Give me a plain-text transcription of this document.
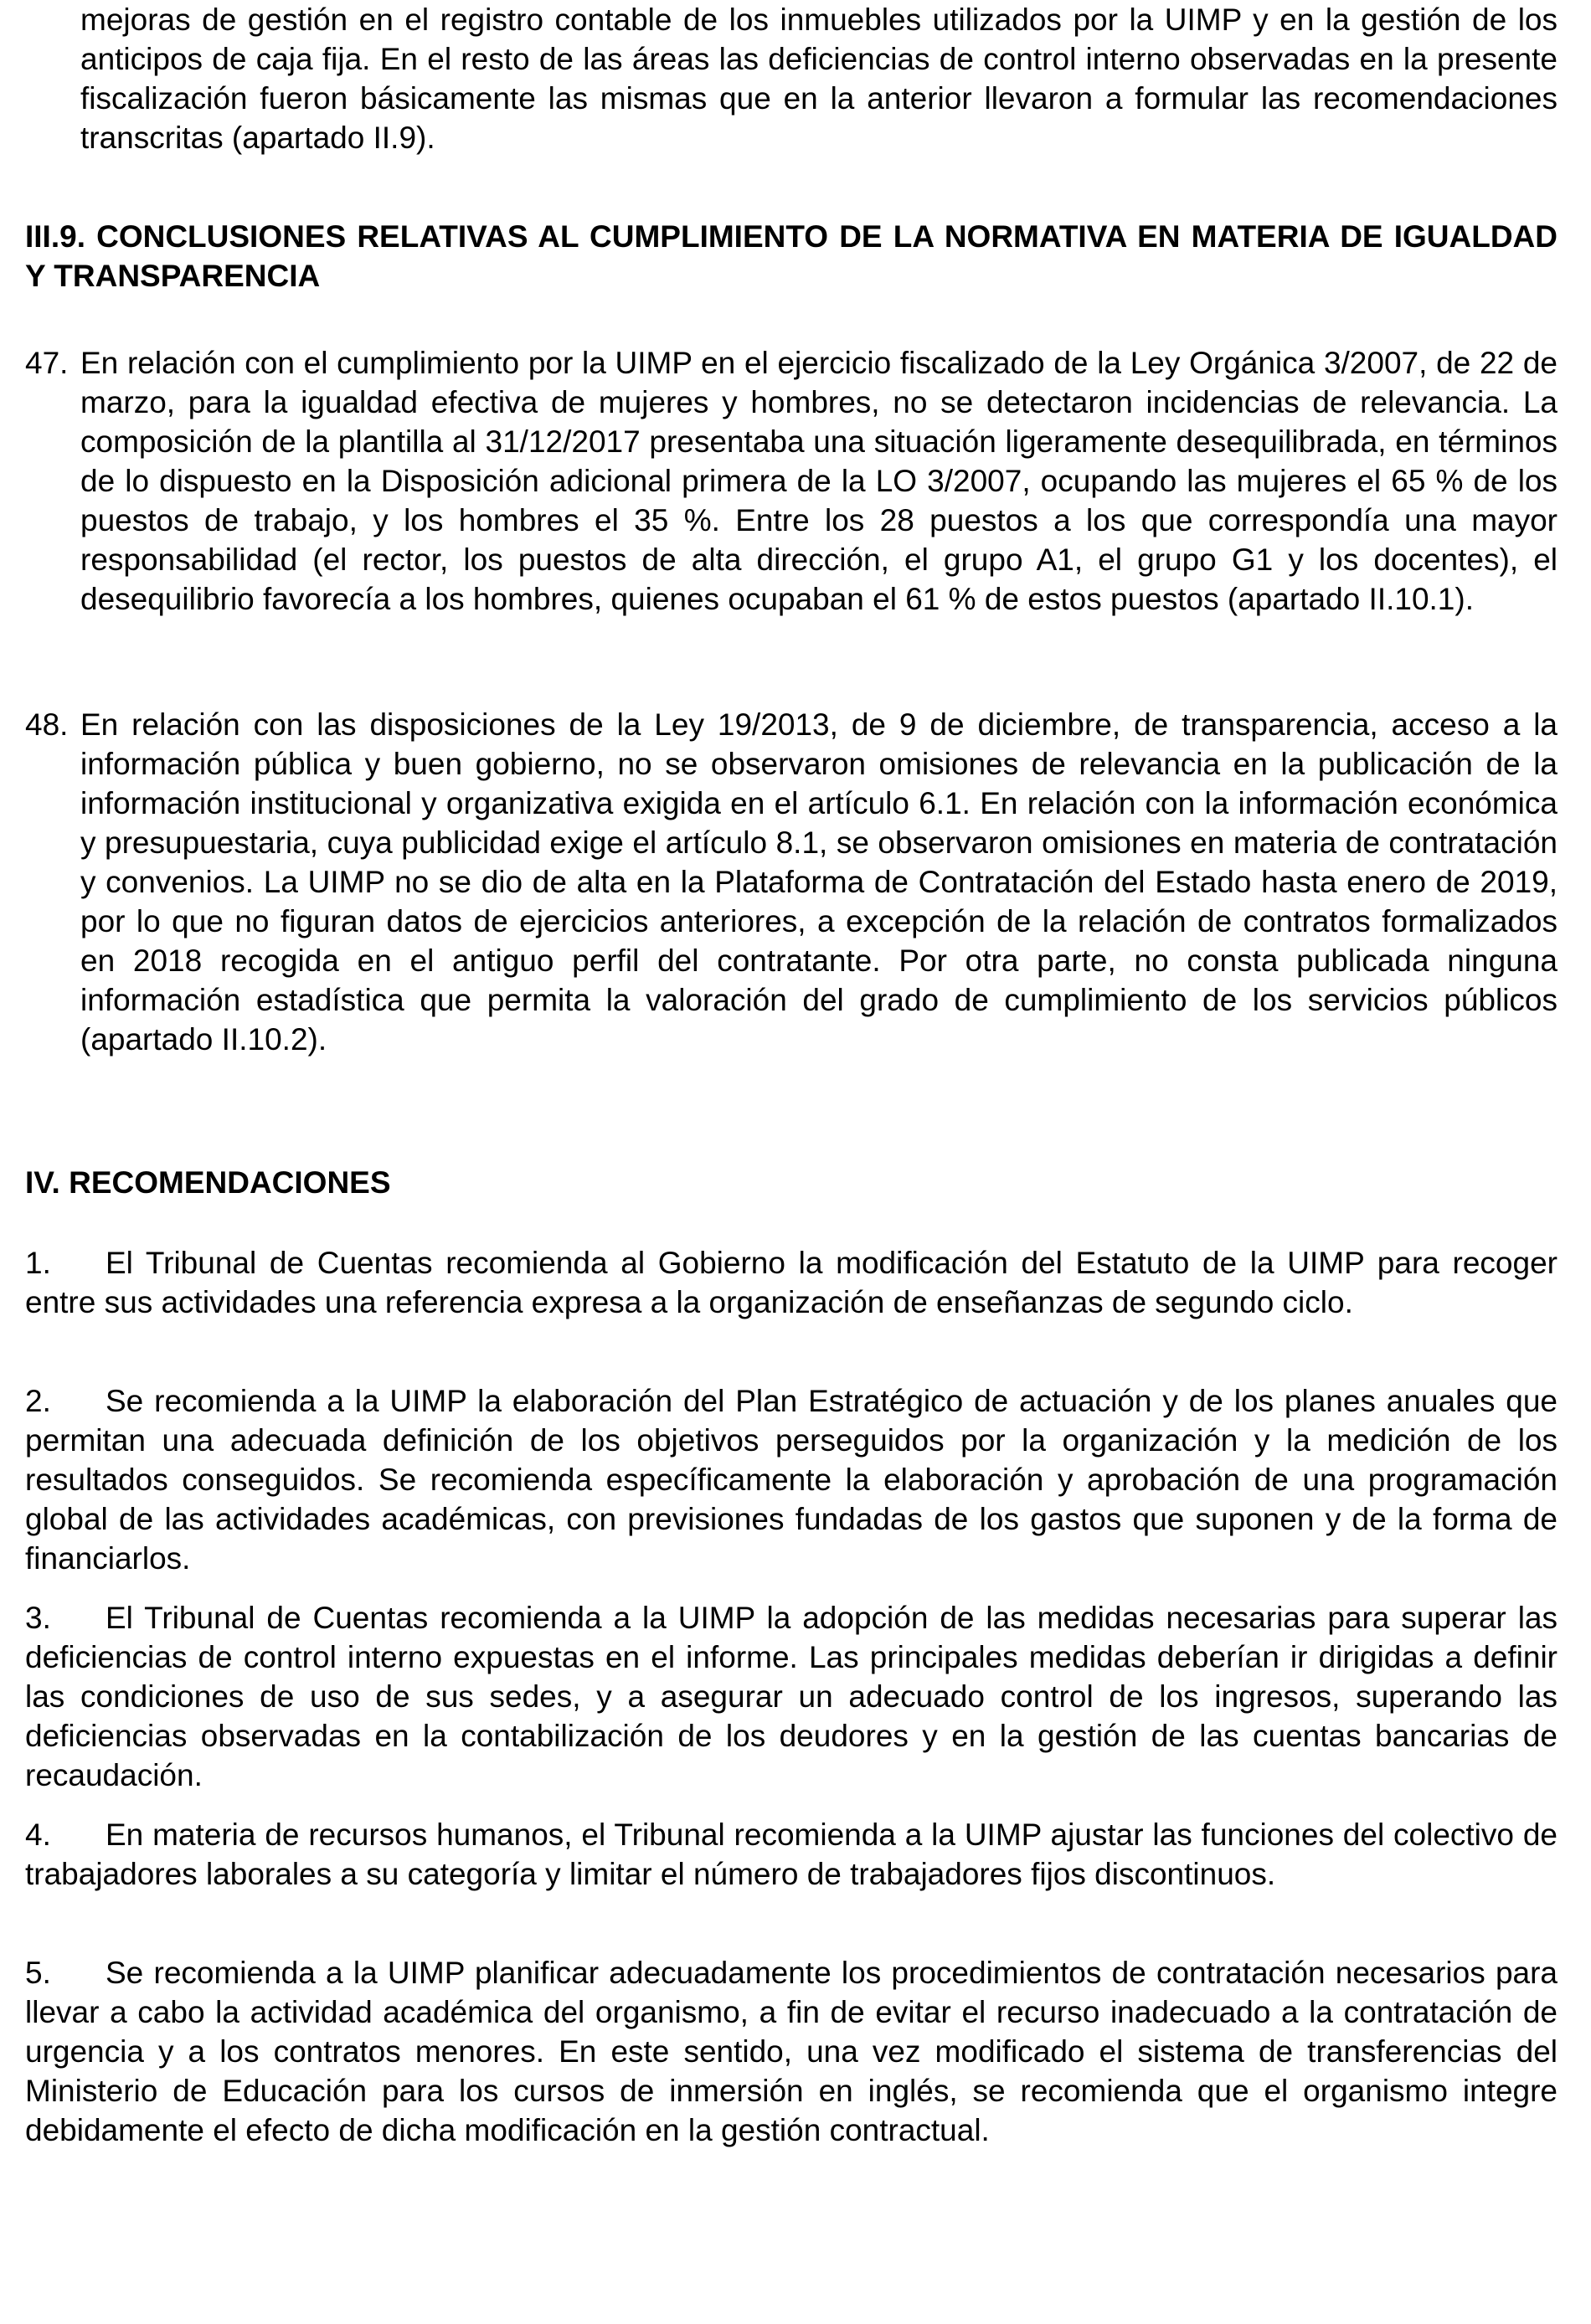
mejoras de gestión en el registro contable de los inmuebles utilizados por la UIMP y en la gestión de los anticipos de caja fija. En el resto de las áreas las deficiencias de control interno observadas en la presente fiscalización fueron básicamente las mismas que en la anterior llevaron a formular las recomendaciones transcritas (apartado II.9).

III.9. CONCLUSIONES RELATIVAS AL CUMPLIMIENTO DE LA NORMATIVA EN MATERIA DE IGUALDAD Y TRANSPARENCIA
47. En relación con el cumplimiento por la UIMP en el ejercicio fiscalizado de la Ley Orgánica 3/2007, de 22 de marzo, para la igualdad efectiva de mujeres y hombres, no se detectaron incidencias de relevancia. La composición de la plantilla al 31/12/2017 presentaba una situación ligeramente desequilibrada, en términos de lo dispuesto en la Disposición adicional primera de la LO 3/2007, ocupando las mujeres el 65 % de los puestos de trabajo, y los hombres el 35 %. Entre los 28 puestos a los que correspondía una mayor responsabilidad (el rector, los puestos de alta dirección, el grupo A1, el grupo G1 y los docentes), el desequilibrio favorecía a los hombres, quienes ocupaban el 61 % de estos puestos (apartado II.10.1).
48. En relación con las disposiciones de la Ley 19/2013, de 9 de diciembre, de transparencia, acceso a la información pública y buen gobierno, no se observaron omisiones de relevancia en la publicación de la información institucional y organizativa exigida en el artículo 6.1. En relación con la información económica y presupuestaria, cuya publicidad exige el artículo 8.1, se observaron omisiones en materia de contratación y convenios. La UIMP no se dio de alta en la Plataforma de Contratación del Estado hasta enero de 2019, por lo que no figuran datos de ejercicios anteriores, a excepción de la relación de contratos formalizados en 2018 recogida en el antiguo perfil del contratante. Por otra parte, no consta publicada ninguna información estadística que permita la valoración del grado de cumplimiento de los servicios públicos (apartado II.10.2).
IV. RECOMENDACIONES

1. El Tribunal de Cuentas recomienda al Gobierno la modificación del Estatuto de la UIMP para recoger entre sus actividades una referencia expresa a la organización de enseñanzas de segundo ciclo.

2. Se recomienda a la UIMP la elaboración del Plan Estratégico de actuación y de los planes anuales que permitan una adecuada definición de los objetivos perseguidos por la organización y la medición de los resultados conseguidos. Se recomienda específicamente la elaboración y aprobación de una programación global de las actividades académicas, con previsiones fundadas de los gastos que suponen y de la forma de financiarlos.

3. El Tribunal de Cuentas recomienda a la UIMP la adopción de las medidas necesarias para superar las deficiencias de control interno expuestas en el informe. Las principales medidas deberían ir dirigidas a definir las condiciones de uso de sus sedes, y a asegurar un adecuado control de los ingresos, superando las deficiencias observadas en la contabilización de los deudores y en la gestión de las cuentas bancarias de recaudación.

4. En materia de recursos humanos, el Tribunal recomienda a la UIMP ajustar las funciones del colectivo de trabajadores laborales a su categoría y limitar el número de trabajadores fijos discontinuos.

5. Se recomienda a la UIMP planificar adecuadamente los procedimientos de contratación necesarios para llevar a cabo la actividad académica del organismo, a fin de evitar el recurso inadecuado a la contratación de urgencia y a los contratos menores. En este sentido, una vez modificado el sistema de transferencias del Ministerio de Educación para los cursos de inmersión en inglés, se recomienda que el organismo integre debidamente el efecto de dicha modificación en la gestión contractual.
